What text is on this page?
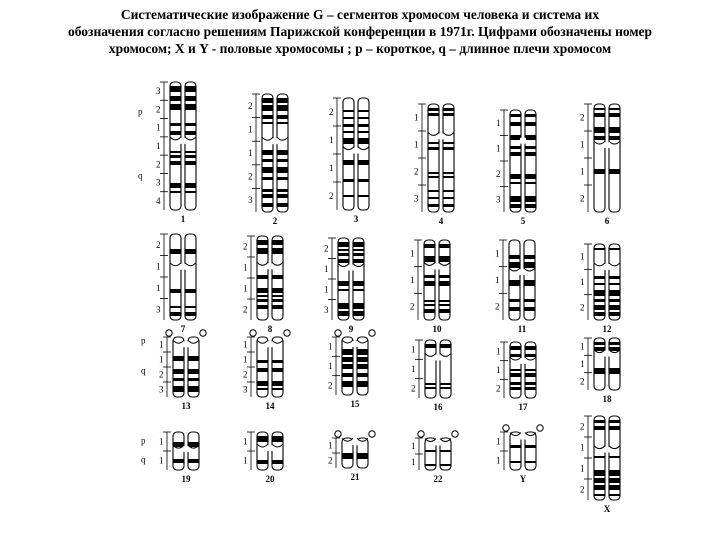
Систематические изображение G – сегментов хромосом человека и система их
обозначения согласно решениям Парижской конференции в 1971г. Цифрами обозначены номер
хромосом; X и Y - половые хромосомы ; p – короткое, q – длинное плечи хромосом
3
2
1
1
2
3
4
p
q
1
2
1
1
2
3
2
2
1
1
2
3
1
1
2
3
4
1
1
2
3
5
2
1
1
2
6
2
1
1
3
7
2
1
1
2
8
2
1
1
3
9
1
1
2
10
1
1
2
11
1
1
2
12
1
1
2
3
p
q
13
1
1
2
3
14
1
1
2
15
1
1
2
16
1
1
2
17
1
1
2
18
1
1
p
q
19
1
1
20
1
2
21
1
1
22
1
1
Y
2
1
1
2
X
